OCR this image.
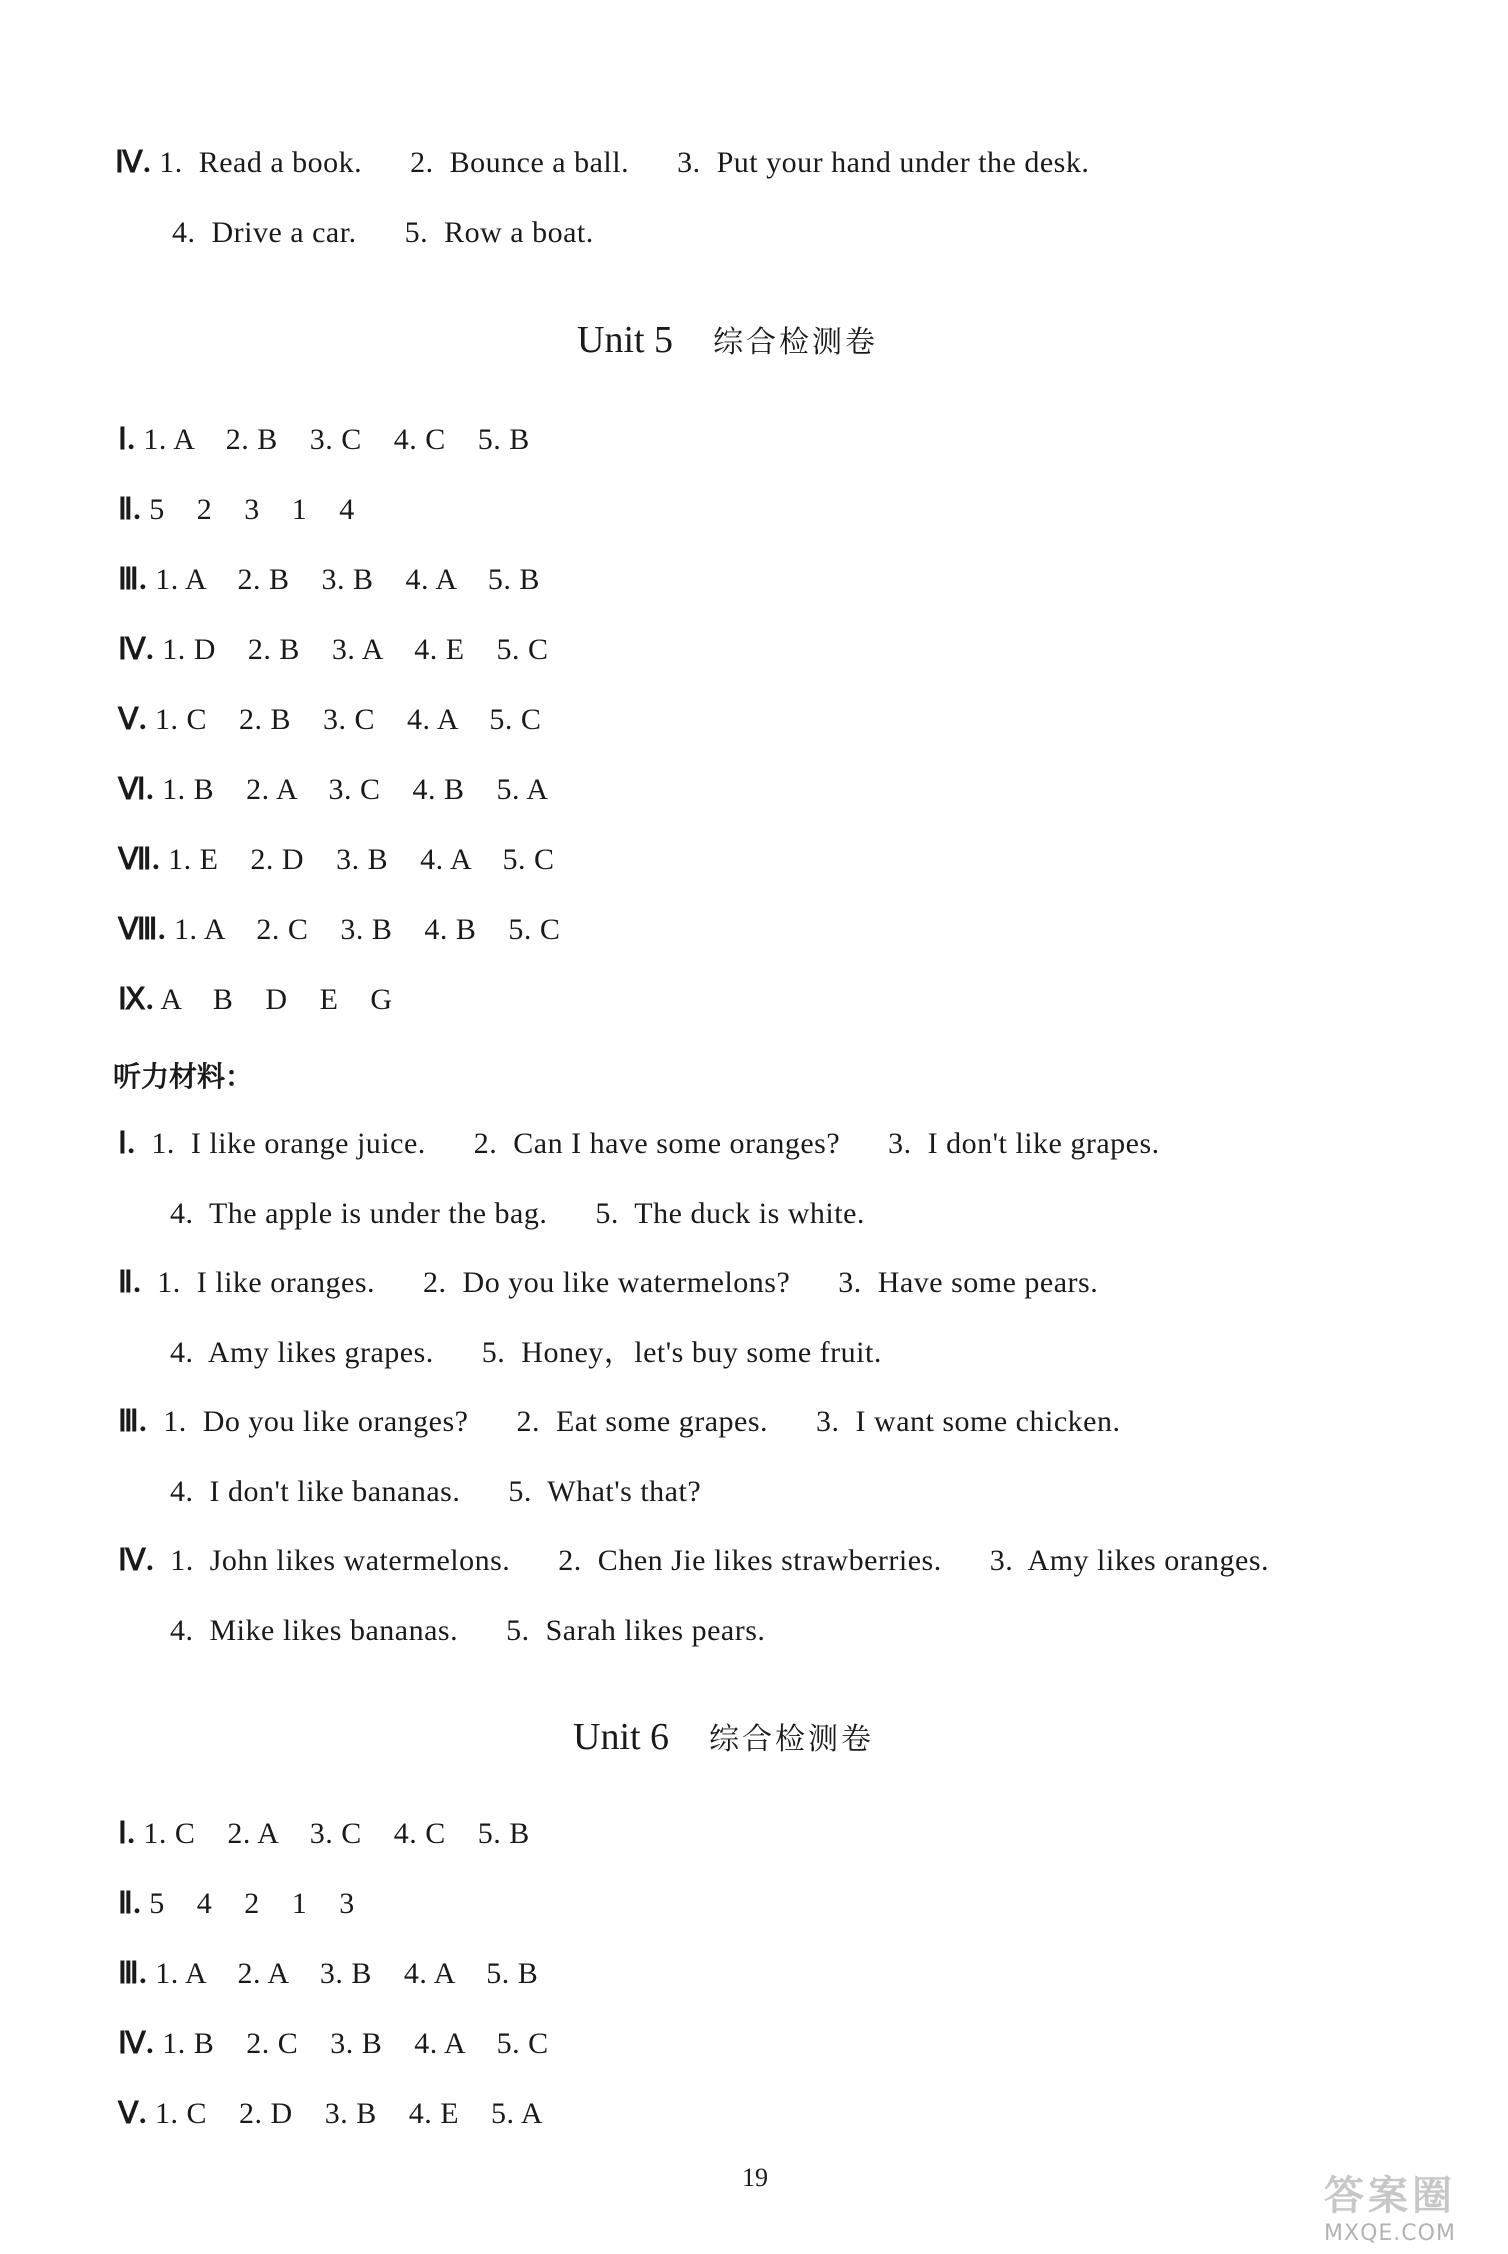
Ⅳ. 1.  Read a book.      2.  Bounce a ball.      3.  Put your hand under the desk.
4.  Drive a car.      5.  Row a boat.
Unit 5 综合检测卷
Ⅰ. 1. A    2. B    3. C    4. C    5. B
Ⅱ. 5    2    3    1    4
Ⅲ. 1. A    2. B    3. B    4. A    5. B
Ⅳ. 1. D    2. B    3. A    4. E    5. C
Ⅴ. 1. C    2. B    3. C    4. A    5. C
Ⅵ. 1. B    2. A    3. C    4. B    5. A
Ⅶ. 1. E    2. D    3. B    4. A    5. C
Ⅷ. 1. A    2. C    3. B    4. B    5. C
Ⅸ. A    B    D    E    G
听力材料：
Ⅰ. 1.  I like orange juice.      2.  Can I have some oranges?      3.  I don't like grapes.
4.  The apple is under the bag.      5.  The duck is white.
Ⅱ. 1.  I like oranges.      2.  Do you like watermelons?      3.  Have some pears.
4.  Amy likes grapes.      5.  Honey，let's buy some fruit.
Ⅲ. 1.  Do you like oranges?      2.  Eat some grapes.      3.  I want some chicken.
4.  I don't like bananas.      5.  What's that?
Ⅳ. 1.  John likes watermelons.      2.  Chen Jie likes strawberries.      3.  Amy likes oranges.
4.  Mike likes bananas.      5.  Sarah likes pears.
Unit 6 综合检测卷
Ⅰ. 1. C    2. A    3. C    4. C    5. B
Ⅱ. 5    4    2    1    3
Ⅲ. 1. A    2. A    3. B    4. A    5. B
Ⅳ. 1. B    2. C    3. B    4. A    5. C
Ⅴ. 1. C    2. D    3. B    4. E    5. A
19	答案圈
MXQE.COM
